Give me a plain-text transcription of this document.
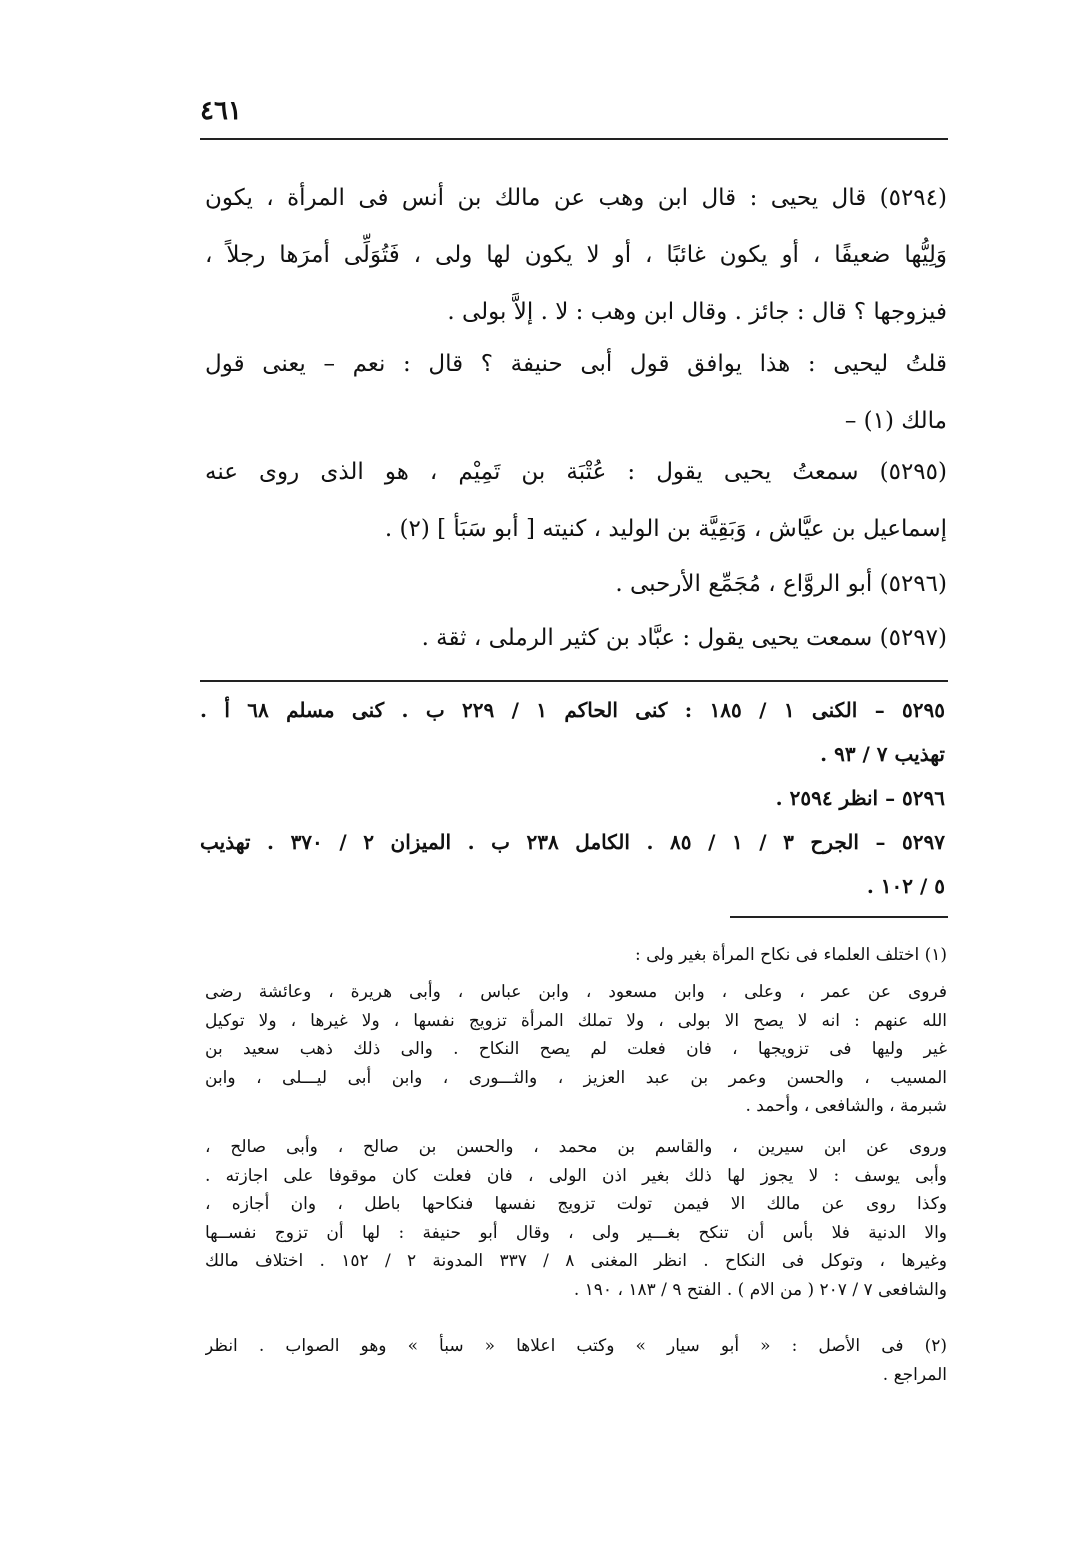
٤٦١
(٥٢٩٤) قال يحيى : قال ابن وهب عن مالك بن أنس فى المرأة ، يكون
وَلِيُّها ضعيفًا ، أو يكون غائبًا ، أو لا يكون لها ولى ، فَتُوَلِّى أمرَها رجلاً ،
فيزوجها ؟ قال : جائز . وقال ابن وهب : لا . إلاَّ بولى .
قلتُ ليحيى : هذا يوافق قول أبى حنيفة ؟ قال : نعم – يعنى قول
مالك (١) –
(٥٢٩٥) سمعتُ يحيى يقول : عُتْبَة بن تَمِيْم ، هو الذى روى عنه
إسماعيل بن عيَّاش ، وَبَقِيَّة بن الوليد ، كنيته [ أبو سَبَأ ] (٢) .
(٥٢٩٦) أبو الروَّاع ، مُجَمِّع الأرحبى .
(٥٢٩٧) سمعت يحيى يقول : عبَّاد بن كثير الرملى ، ثقة .
٥٢٩٥ – الكنى ١ / ١٨٥ : كنى الحاكم ١ / ٢٢٩ ب . كنى مسلم ٦٨ أ .
تهذيب ٧ / ٩٣ .
٥٢٩٦ – انظر ٢٥٩٤ .
٥٢٩٧ – الجرح ٣ / ١ / ٨٥ . الكامل ٢٣٨ ب . الميزان ٢ / ٣٧٠ . تهذيب
٥ / ١٠٢ .
(١) اختلف العلماء فى نكاح المرأة بغير ولى :
فروى عن عمر ، وعلى ، وابن مسعود ، وابن عباس ، وأبى هريرة ، وعائشة رضى
الله عنهم : انه لا يصح الا بولى ، ولا تملك المرأة تزويج نفسها ، ولا غيرها ، ولا توكيل
غير وليها فى تزويجها ، فان فعلت لم يصح النكاح . والى ذلك ذهب سعيد بن
المسيب ، والحسن وعمر بن عبد العزيز ، والثـــورى ، وابن أبى ليـــلى ، وابن
شبرمة ، والشافعى ، وأحمد .
وروى عن ابن سيرين ، والقاسم بن محمد ، والحسن بن صالح ، وأبى صالح ،
وأبى يوسف : لا يجوز لها ذلك بغير اذن الولى ، فان فعلت كان موقوفا على اجازته .
وكذا روى عن مالك الا فيمن تولت تزويج نفسها فنكاحها باطل ، وان أجازه ،
والا الدنية فلا بأس أن تنكح بغـــير ولى ، وقال أبو حنيفة : لها أن تزوج نفســها
وغيرها ، وتوكل فى النكاح . انظر المغنى ٨ / ٣٣٧ المدونة ٢ / ١٥٢ . اختلاف مالك
والشافعى ٧ / ٢٠٧ ( من الام ) . الفتح ٩ / ١٨٣ ، ١٩٠ .
(٢) فى الأصل : « أبو سيار » وكتب اعلاها « سبأ » وهو الصواب . انظر
المراجع .
